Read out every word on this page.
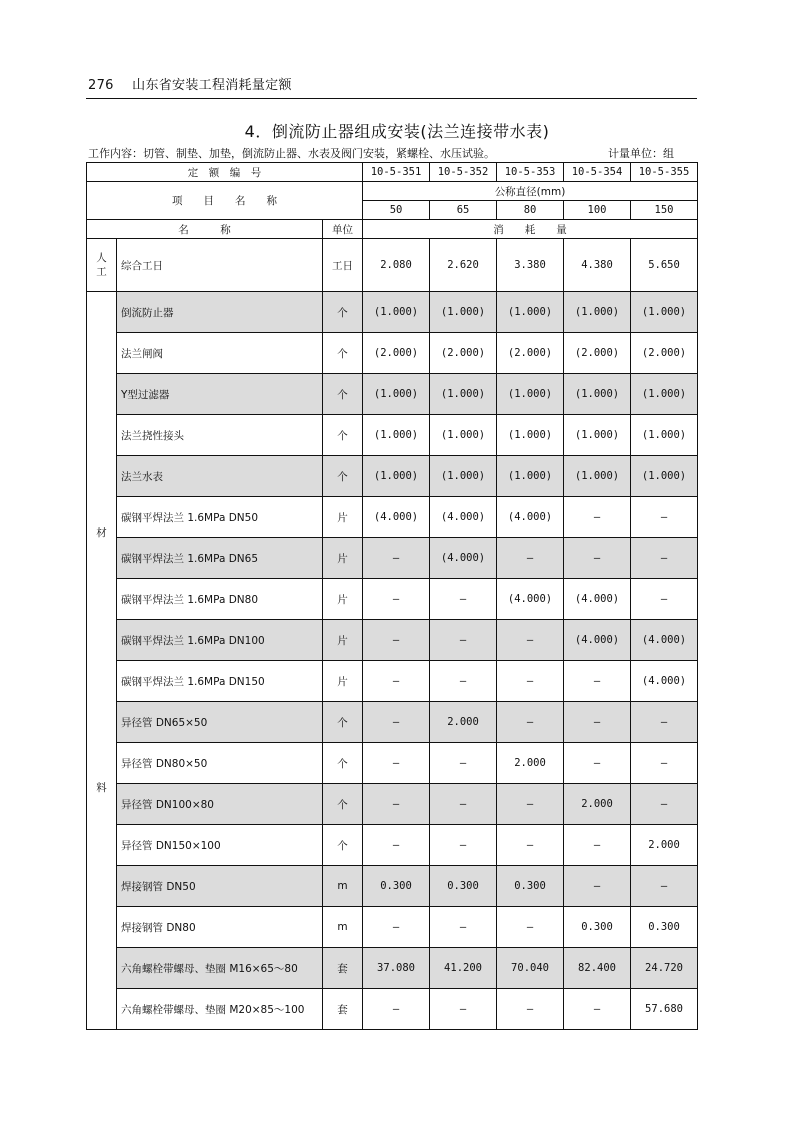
276 山东省安装工程消耗量定额
4．倒流防止器组成安装(法兰连接带水表)
工作内容：切管、制垫、加垫，倒流防止器、水表及阀门安装，紧螺栓、水压试验。	计量单位：组
定　额　编　号			10-5-351	10-5-352	10-5-353	10-5-354	10-5-355
项　　目　　名　　称			公称直径(mm)				
			50	65	80	100	150
名　　　称		单位	消　　耗　　量				
人工	综合工日	工日	2.080	2.620	3.380	4.380	5.650

材
料	倒流防止器	个	(1.000)	(1.000)	(1.000)	(1.000)	(1.000)
	法兰闸阀	个	(2.000)	(2.000)	(2.000)	(2.000)	(2.000)
	Y型过滤器	个	(1.000)	(1.000)	(1.000)	(1.000)	(1.000)
	法兰挠性接头	个	(1.000)	(1.000)	(1.000)	(1.000)	(1.000)
	法兰水表	个	(1.000)	(1.000)	(1.000)	(1.000)	(1.000)
	碳钢平焊法兰 1.6MPa DN50	片	(4.000)	(4.000)	(4.000)	—	—
	碳钢平焊法兰 1.6MPa DN65	片	—	(4.000)	—	—	—
	碳钢平焊法兰 1.6MPa DN80	片	—	—	(4.000)	(4.000)	—
	碳钢平焊法兰 1.6MPa DN100	片	—	—	—	(4.000)	(4.000)
	碳钢平焊法兰 1.6MPa DN150	片	—	—	—	—	(4.000)
	异径管 DN65×50	个	—	2.000	—	—	—
	异径管 DN80×50	个	—	—	2.000	—	—
	异径管 DN100×80	个	—	—	—	2.000	—
	异径管 DN150×100	个	—	—	—	—	2.000
	焊接钢管 DN50	m	0.300	0.300	0.300	—	—
	焊接钢管 DN80	m	—	—	—	0.300	0.300
	六角螺栓带螺母、垫圈 M16×65～80	套	37.080	41.200	70.040	82.400	24.720
	六角螺栓带螺母、垫圈 M20×85～100	套	—	—	—	—	57.680
